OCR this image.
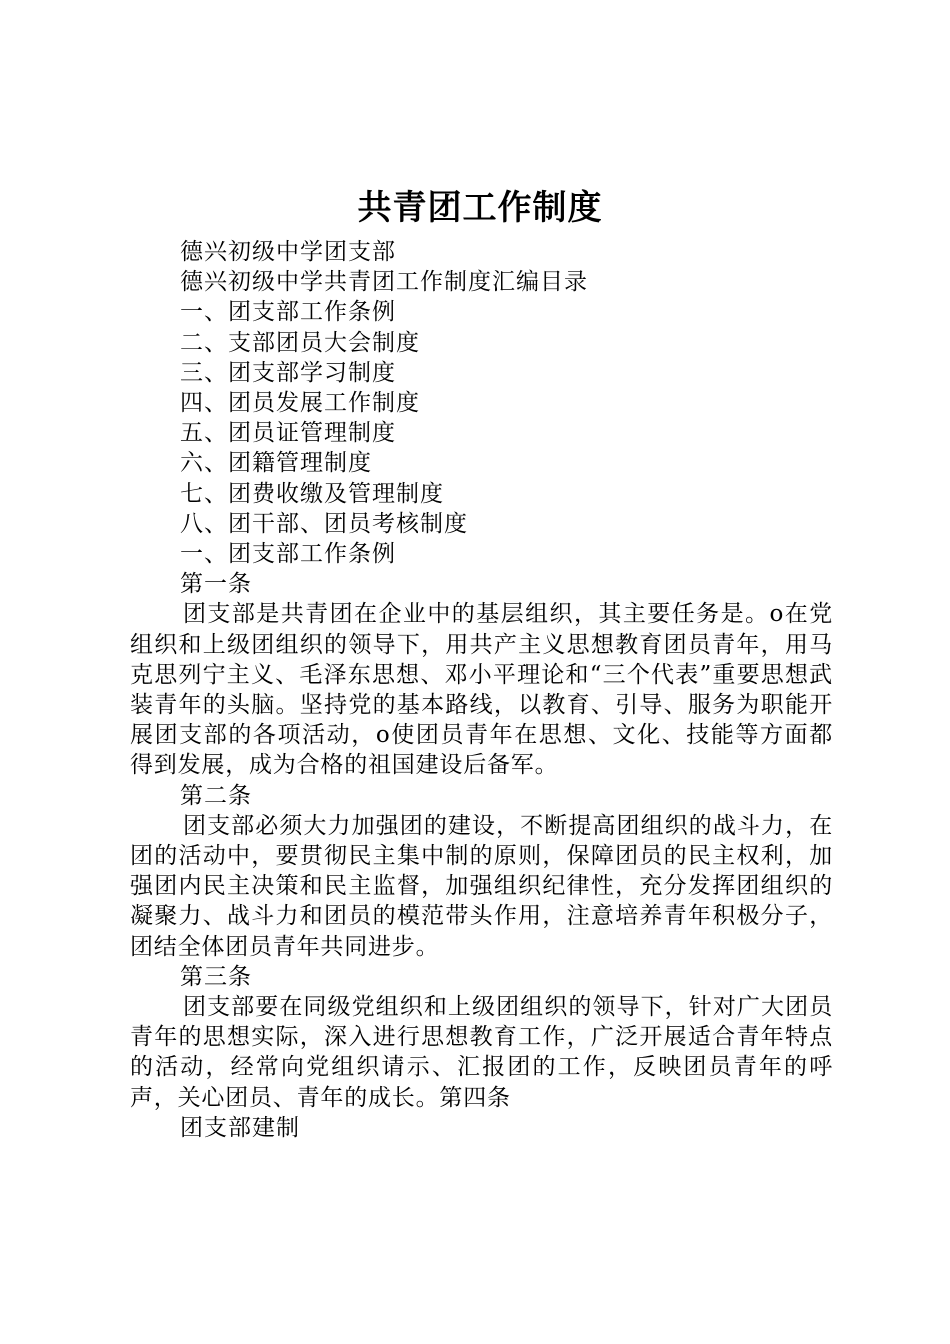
共青团工作制度
德兴初级中学团支部
德兴初级中学共青团工作制度汇编目录
一、团支部工作条例
二、支部团员大会制度
三、团支部学习制度
四、团员发展工作制度
五、团员证管理制度
六、团籍管理制度
七、团费收缴及管理制度
八、团干部、团员考核制度
一、团支部工作条例
第一条
团支部是共青团在企业中的基层组织，其主要任务是。o在党组织和上级团组织的领导下，用共产主义思想教育团员青年，用马克思列宁主义、毛泽东思想、邓小平理论和“三个代表”重要思想武装青年的头脑。坚持党的基本路线，以教育、引导、服务为职能开展团支部的各项活动，o使团员青年在思想、文化、技能等方面都得到发展，成为合格的祖国建设后备军。
第二条
团支部必须大力加强团的建设，不断提高团组织的战斗力，在团的活动中，要贯彻民主集中制的原则，保障团员的民主权利，加强团内民主决策和民主监督，加强组织纪律性，充分发挥团组织的凝聚力、战斗力和团员的模范带头作用，注意培养青年积极分子，团结全体团员青年共同进步。
第三条
团支部要在同级党组织和上级团组织的领导下，针对广大团员青年的思想实际，深入进行思想教育工作，广泛开展适合青年特点的活动，经常向党组织请示、汇报团的工作，反映团员青年的呼声，关心团员、青年的成长。第四条
团支部建制
